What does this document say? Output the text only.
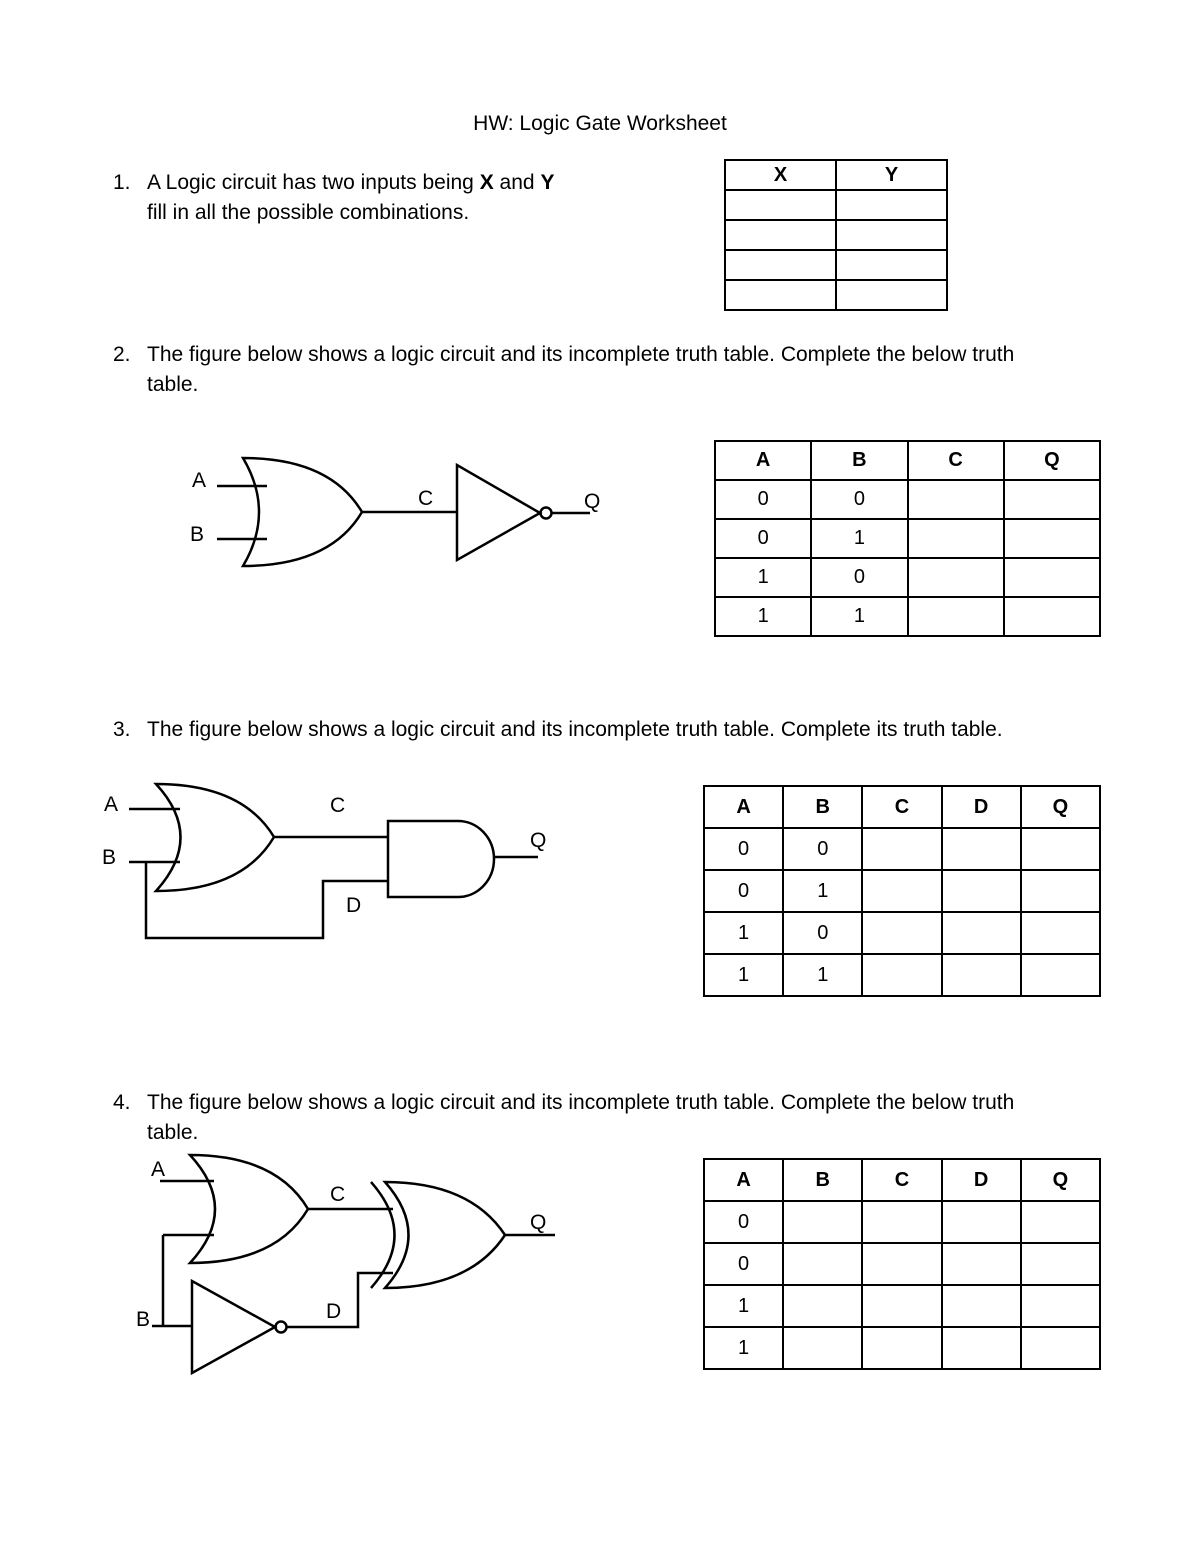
HW: Logic Gate Worksheet
1. A Logic circuit has two inputs being X and Y
fill in all the possible combinations.
X	Y

2. The figure below shows a logic circuit and its incomplete truth table. Complete the below truth
table.
A
B
C	Q
A	B	C	Q
0	0		
0	1		
1	0		
1	1		
3. The figure below shows a logic circuit and its incomplete truth table. Complete its truth table.
A
B
C
D
Q
A	B	C	D	Q
0	0			
0	1			
1	0			
1	1			
4. The figure below shows a logic circuit and its incomplete truth table. Complete the below truth
table.
A
B
C
D
Q
A	B	C	D	Q
0				
0				
1				
1				
